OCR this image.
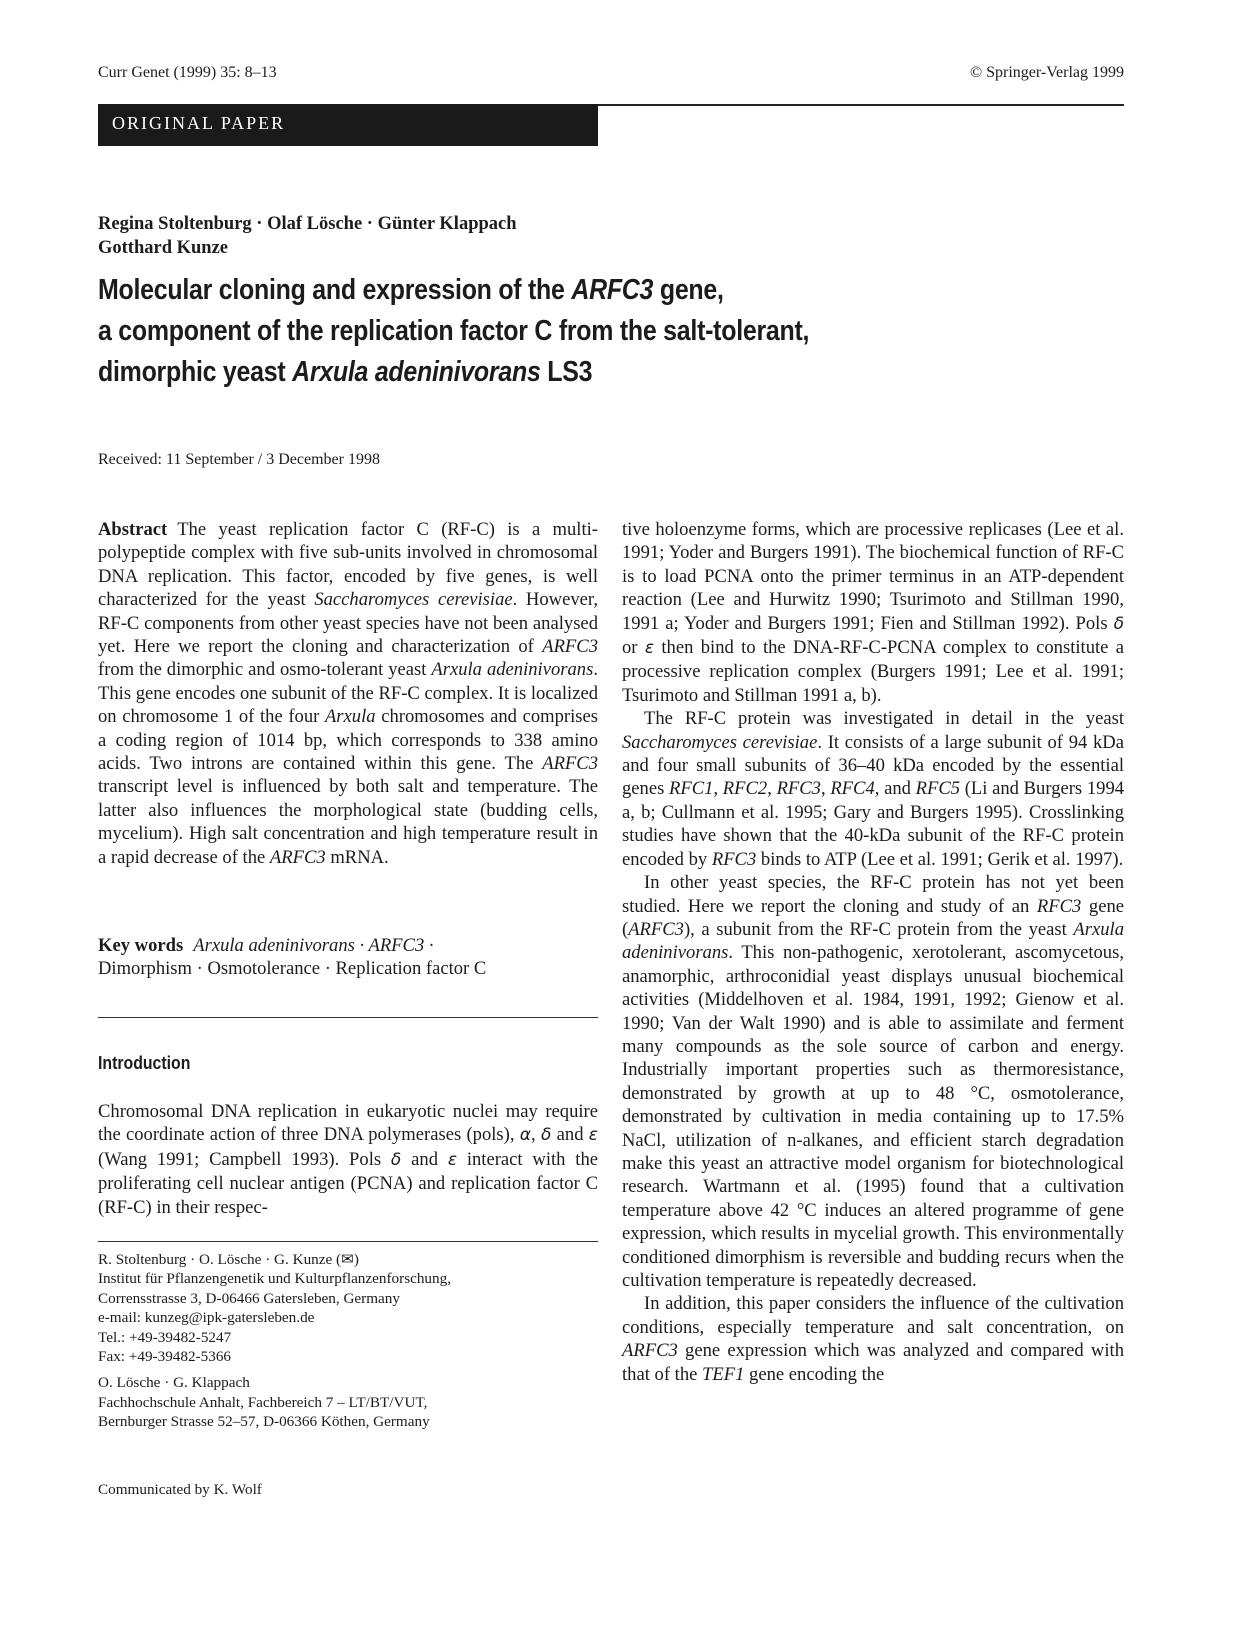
Curr Genet (1999) 35: 8–13	© Springer-Verlag 1999
ORIGINAL PAPER
Regina Stoltenburg · Olaf Lösche · Günter Klappach
Gotthard Kunze
Molecular cloning and expression of the ARFC3 gene,
a component of the replication factor C from the salt-tolerant,
dimorphic yeast Arxula adeninivorans LS3
Received: 11 September / 3 December 1998
Abstract The yeast replication factor C (RF-C) is a multi-polypeptide complex with five sub-units involved in chromosomal DNA replication. This factor, encoded by five genes, is well characterized for the yeast Saccharomyces cerevisiae. However, RF-C components from other yeast species have not been analysed yet. Here we report the cloning and characterization of ARFC3 from the dimorphic and osmo-tolerant yeast Arxula adeninivorans. This gene encodes one subunit of the RF-C complex. It is localized on chromosome 1 of the four Arxula chromosomes and comprises a coding region of 1014 bp, which corresponds to 338 amino acids. Two introns are contained within this gene. The ARFC3 transcript level is influenced by both salt and temperature. The latter also influences the morphological state (budding cells, mycelium). High salt concentration and high temperature result in a rapid decrease of the ARFC3 mRNA.
Key words Arxula adeninivorans · ARFC3 ·
Dimorphism · Osmotolerance · Replication factor C
Introduction
Chromosomal DNA replication in eukaryotic nuclei may require the coordinate action of three DNA polymerases (pols), α, δ and ε (Wang 1991; Campbell 1993). Pols δ and ε interact with the proliferating cell nuclear antigen (PCNA) and replication factor C (RF-C) in their respec-

R. Stoltenburg · O. Lösche · G. Kunze (✉)

Institut für Pflanzengenetik und Kulturpflanzenforschung,

Corrensstrasse 3, D-06466 Gatersleben, Germany

e-mail: kunzeg@ipk-gatersleben.de

Tel.: +49-39482-5247

Fax: +49-39482-5366

O. Lösche · G. Klappach

Fachhochschule Anhalt, Fachbereich 7 – LT/BT/VUT,

Bernburger Strasse 52–57, D-06366 Köthen, Germany

Communicated by K. Wolf

tive holoenzyme forms, which are processive replicases (Lee et al. 1991; Yoder and Burgers 1991). The biochemical function of RF-C is to load PCNA onto the primer terminus in an ATP-dependent reaction (Lee and Hurwitz 1990; Tsurimoto and Stillman 1990, 1991 a; Yoder and Burgers 1991; Fien and Stillman 1992). Pols δ or ε then bind to the DNA-RF-C-PCNA complex to constitute a processive replication complex (Burgers 1991; Lee et al. 1991; Tsurimoto and Stillman 1991 a, b).

The RF-C protein was investigated in detail in the yeast Saccharomyces cerevisiae. It consists of a large subunit of 94 kDa and four small subunits of 36–40 kDa encoded by the essential genes RFC1, RFC2, RFC3, RFC4, and RFC5 (Li and Burgers 1994 a, b; Cullmann et al. 1995; Gary and Burgers 1995). Crosslinking studies have shown that the 40-kDa subunit of the RF-C protein encoded by RFC3 binds to ATP (Lee et al. 1991; Gerik et al. 1997).

In other yeast species, the RF-C protein has not yet been studied. Here we report the cloning and study of an RFC3 gene (ARFC3), a subunit from the RF-C protein from the yeast Arxula adeninivorans. This non-pathogenic, xerotolerant, ascomycetous, anamorphic, arthroconidial yeast displays unusual biochemical activities (Middelhoven et al. 1984, 1991, 1992; Gienow et al. 1990; Van der Walt 1990) and is able to assimilate and ferment many compounds as the sole source of carbon and energy. Industrially important properties such as thermoresistance, demonstrated by growth at up to 48 °C, osmotolerance, demonstrated by cultivation in media containing up to 17.5% NaCl, utilization of n-alkanes, and efficient starch degradation make this yeast an attractive model organism for biotechnological research. Wartmann et al. (1995) found that a cultivation temperature above 42 °C induces an altered programme of gene expression, which results in mycelial growth. This environmentally conditioned dimorphism is reversible and budding recurs when the cultivation temperature is repeatedly decreased.

In addition, this paper considers the influence of the cultivation conditions, especially temperature and salt concentration, on ARFC3 gene expression which was analyzed and compared with that of the TEF1 gene encoding the
